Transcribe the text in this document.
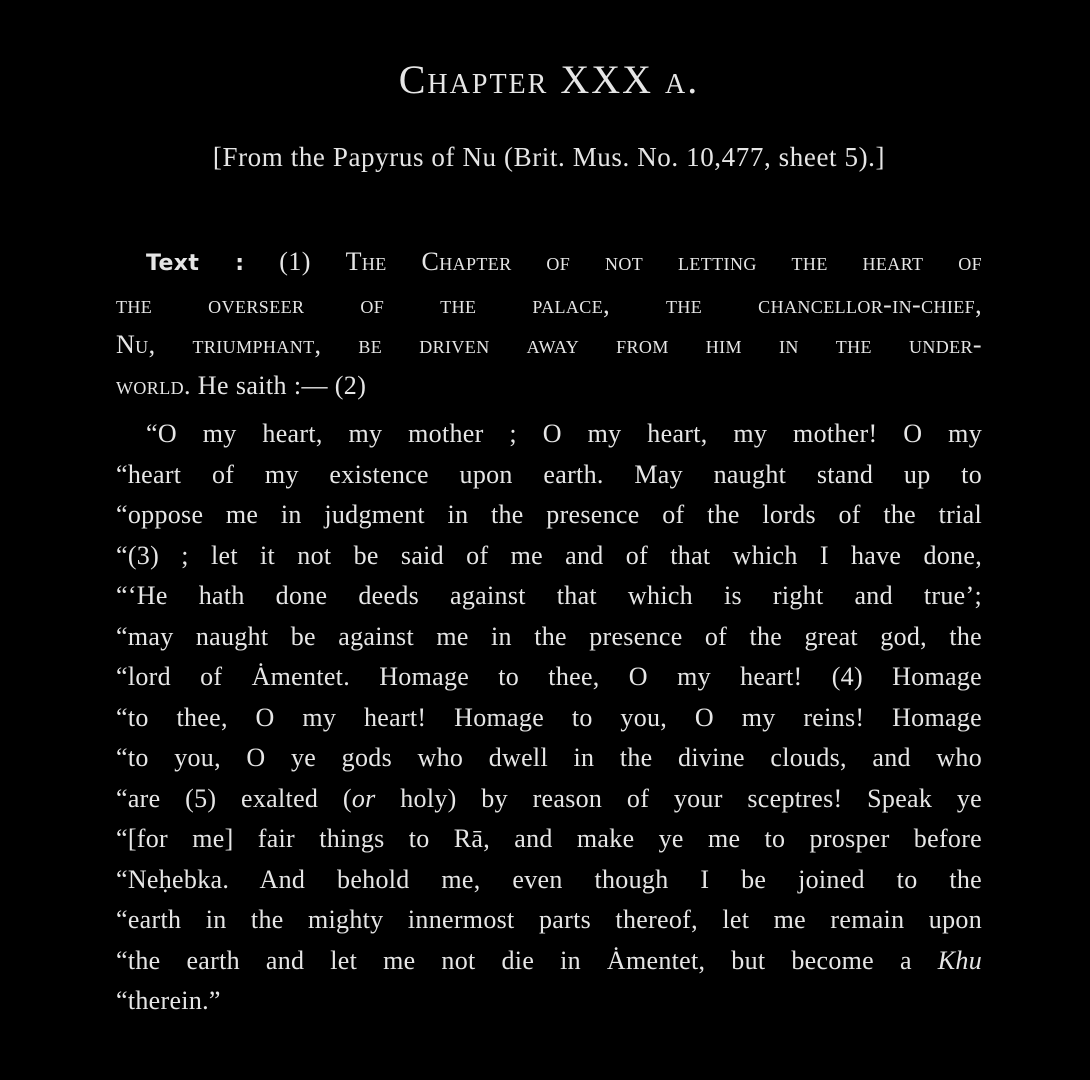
Chapter XXX a.
[From the Papyrus of Nu (Brit. Mus. No. 10,477, sheet 5).]

Text : (1) The Chapter of not letting the heart of
the overseer of the palace, the chancellor-in-chief,
Nu, triumphant, be driven away from him in the under-
world. He saith :— (2)

“O my heart, my mother ; O my heart, my mother! O my
“heart of my existence upon earth. May naught stand up to
“oppose me in judgment in the presence of the lords of the trial
“(3) ; let it not be said of me and of that which I have done,
“‘He hath done deeds against that which is right and true’;
“may naught be against me in the presence of the great god, the
“lord of Ȧmentet. Homage to thee, O my heart! (4) Homage
“to thee, O my heart! Homage to you, O my reins! Homage
“to you, O ye gods who dwell in the divine clouds, and who
“are (5) exalted (or holy) by reason of your sceptres! Speak ye
“[for me] fair things to Rā, and make ye me to prosper before
“Neḥebka. And behold me, even though I be joined to the
“earth in the mighty innermost parts thereof, let me remain upon
“the earth and let me not die in Ȧmentet, but become a Khu
“therein.”
